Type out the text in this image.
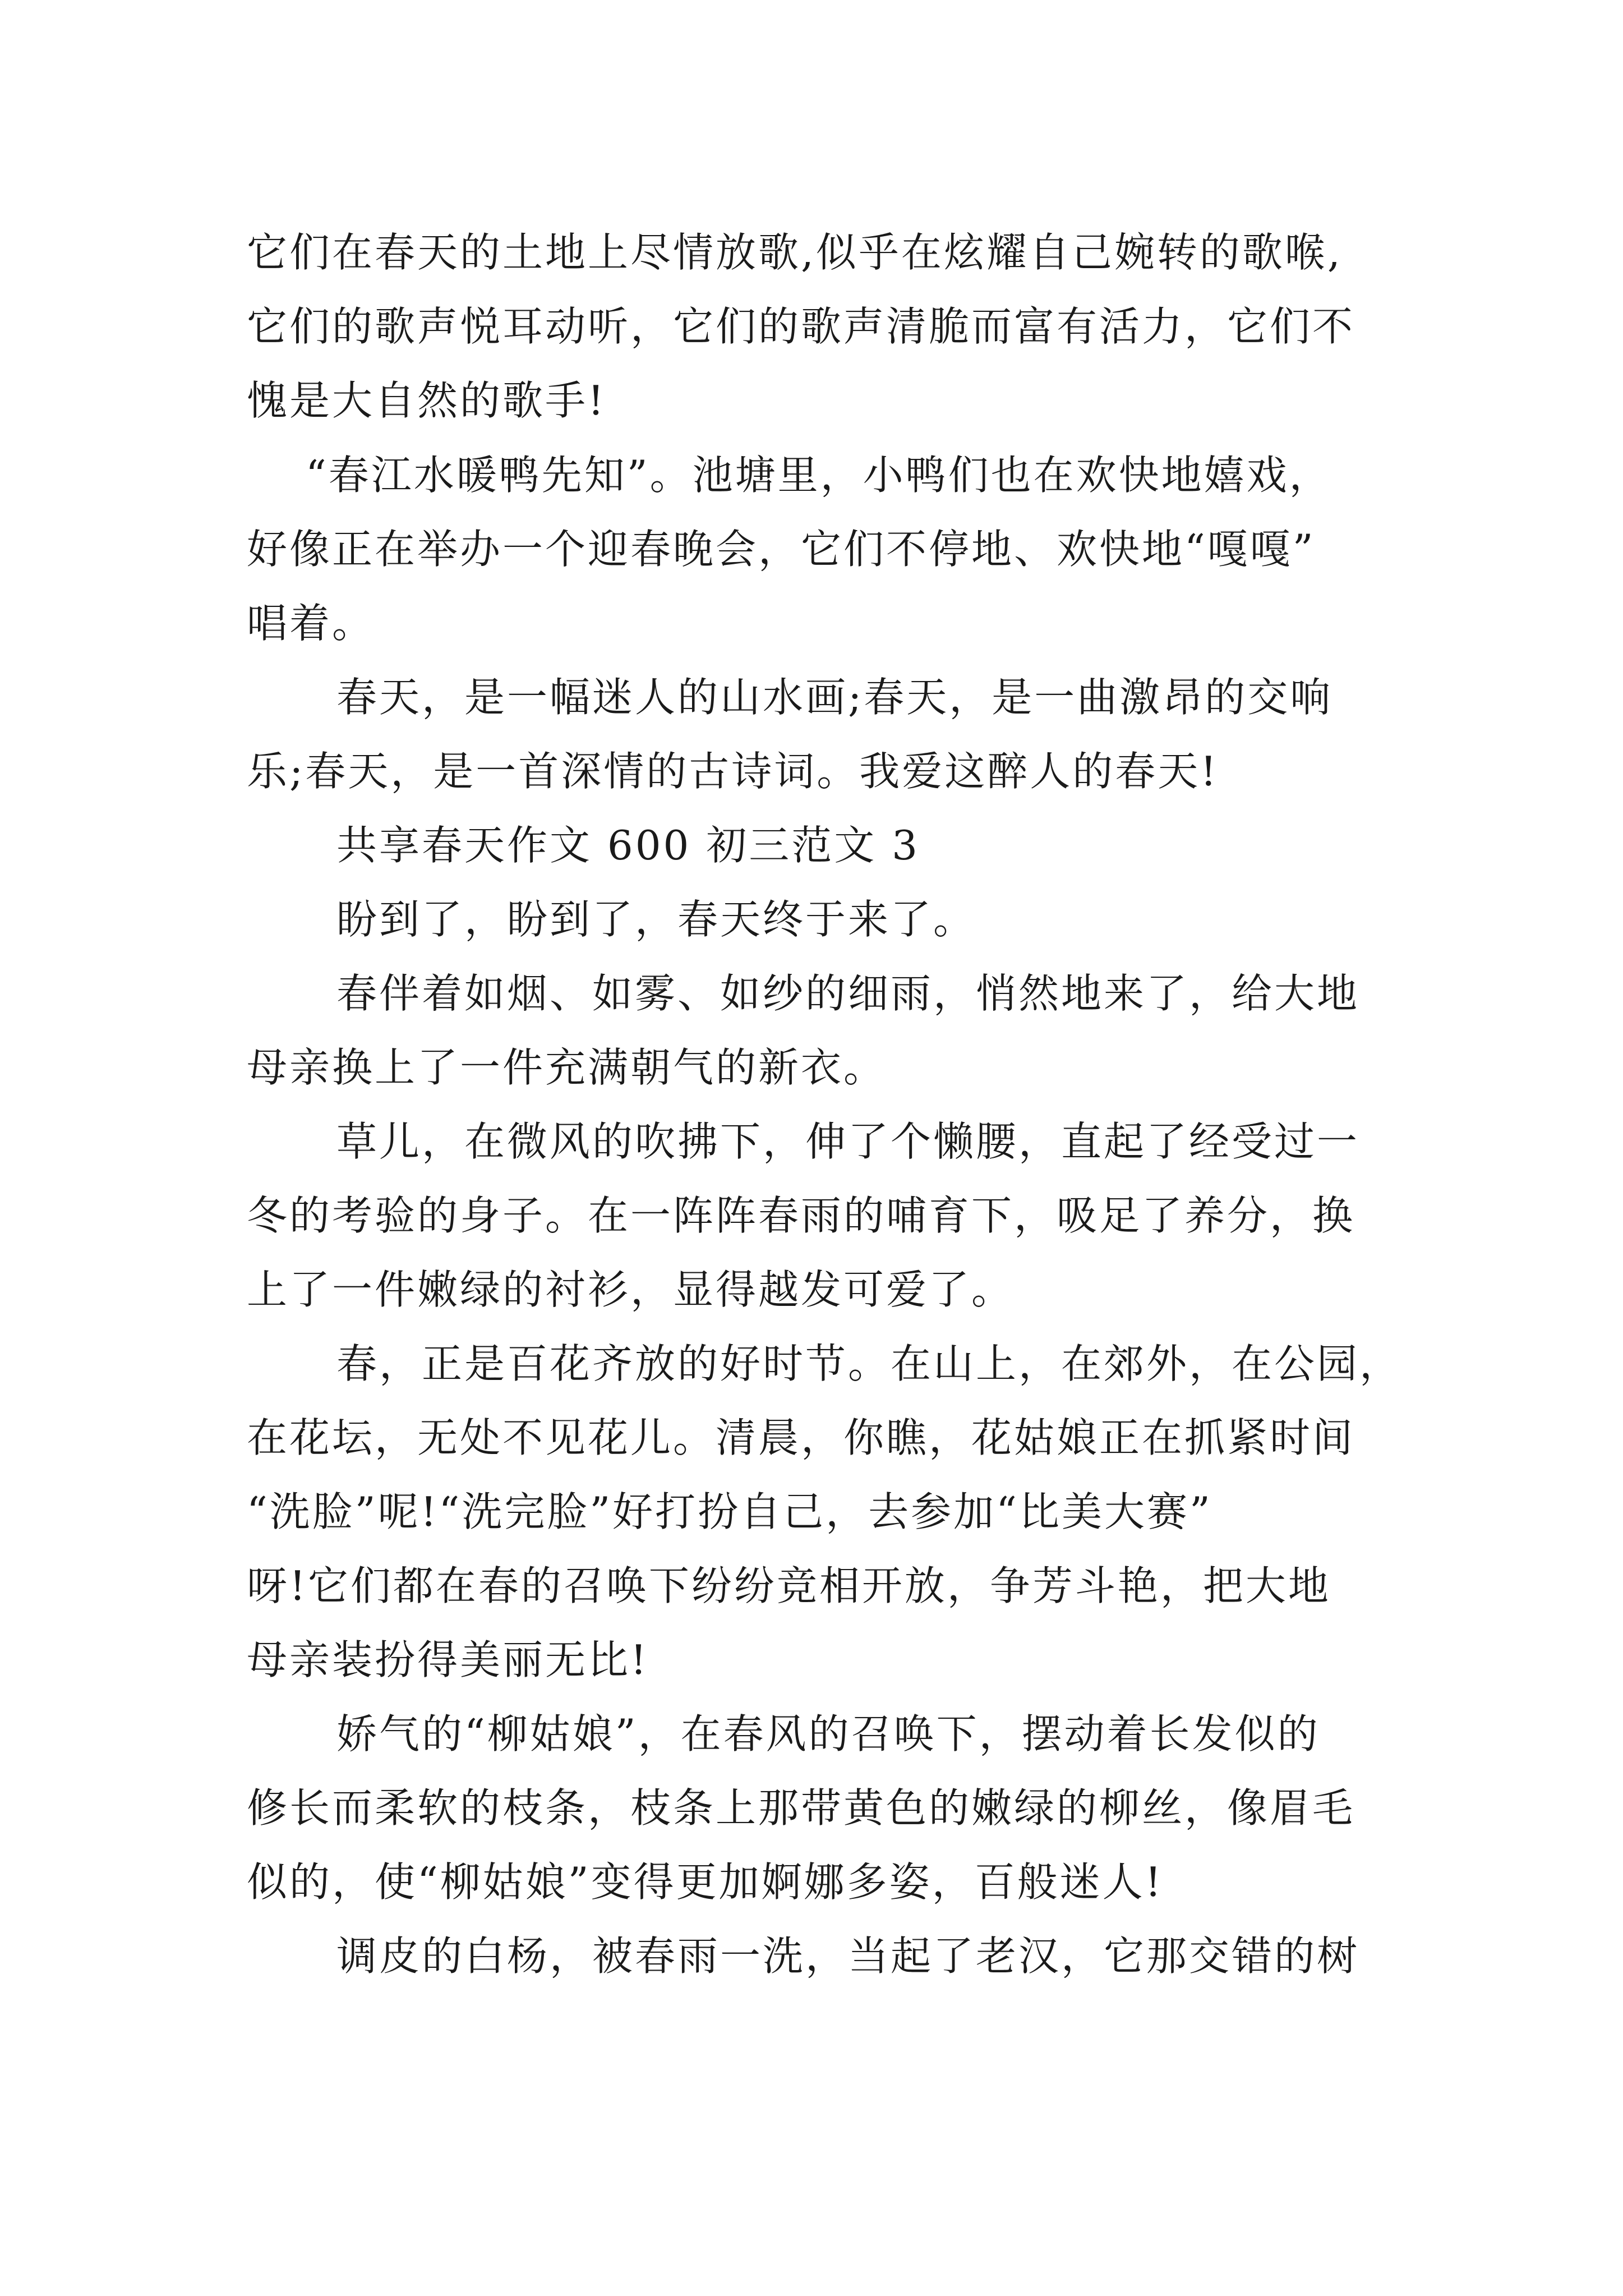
它们在春天的土地上尽情放歌,似乎在炫耀自己婉转的歌喉,
它们的歌声悦耳动听，它们的歌声清脆而富有活力，它们不
愧是大自然的歌手!
“春江水暖鸭先知”。池塘里，小鸭们也在欢快地嬉戏，
好像正在举办一个迎春晚会，它们不停地、欢快地“嘎嘎”
唱着。
春天，是一幅迷人的山水画;春天，是一曲激昂的交响
乐;春天，是一首深情的古诗词。我爱这醉人的春天!
共享春天作文 600 初三范文 3
盼到了，盼到了，春天终于来了。
春伴着如烟、如雾、如纱的细雨，悄然地来了，给大地
母亲换上了一件充满朝气的新衣。
草儿，在微风的吹拂下，伸了个懒腰，直起了经受过一
冬的考验的身子。在一阵阵春雨的哺育下，吸足了养分，换
上了一件嫩绿的衬衫，显得越发可爱了。
春，正是百花齐放的好时节。在山上，在郊外，在公园，
在花坛，无处不见花儿。清晨，你瞧，花姑娘正在抓紧时间
“洗脸”呢!“洗完脸”好打扮自己，去参加“比美大赛”
呀!它们都在春的召唤下纷纷竞相开放，争芳斗艳，把大地
母亲装扮得美丽无比!
娇气的“柳姑娘”，在春风的召唤下，摆动着长发似的
修长而柔软的枝条，枝条上那带黄色的嫩绿的柳丝，像眉毛
似的，使“柳姑娘”变得更加婀娜多姿，百般迷人!
调皮的白杨，被春雨一洗，当起了老汉，它那交错的树
